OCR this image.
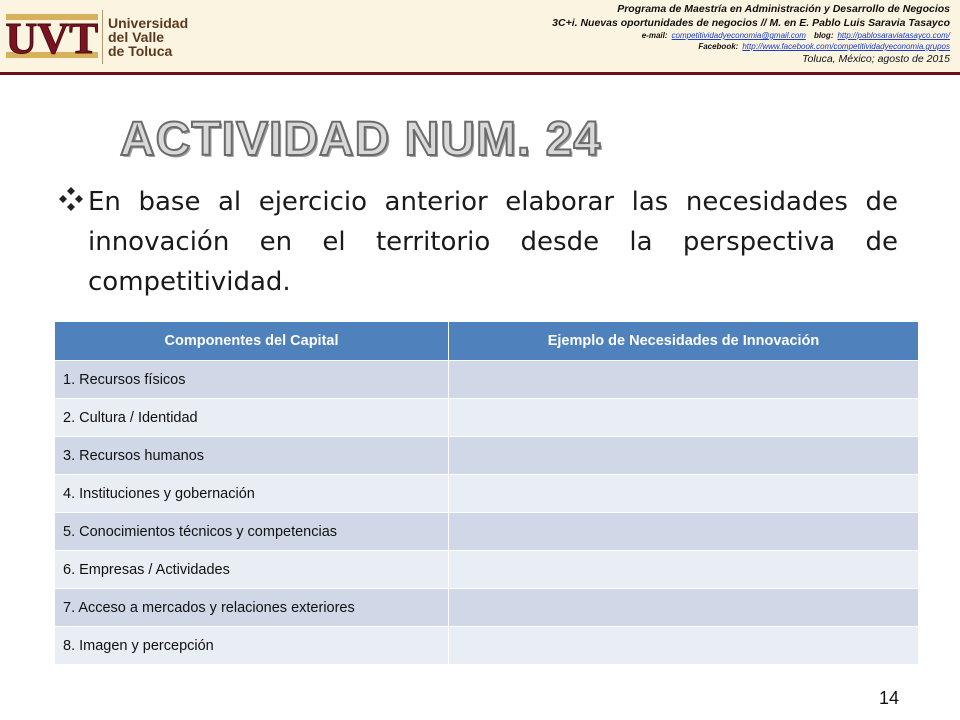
UVT Universidad
del Valle
de Toluca
Programa de Maestría en Administración y Desarrollo de Negocios
3C+i. Nuevas oportunidades de negocios // M. en E. Pablo Luis Saravia Tasayco
e-mail: competitividadyeconomia@gmail.com blog: http://pablosaraviatasayco.com/
Facebook: http://www.facebook.com/competitividadyeconomia.grupos
Toluca, México; agosto de 2015
ACTIVIDAD NUM. 24
En base al ejercicio anterior elaborar las necesidades de innovación en el territorio desde la perspectiva de competitividad.
Componentes del Capital	Ejemplo de Necesidades de Innovación
1. Recursos físicos	
2. Cultura / Identidad	
3. Recursos humanos	
4. Instituciones y gobernación	
5. Conocimientos técnicos y competencias	
6. Empresas / Actividades	
7. Acceso a mercados y relaciones exteriores	
8. Imagen y percepción	
14
